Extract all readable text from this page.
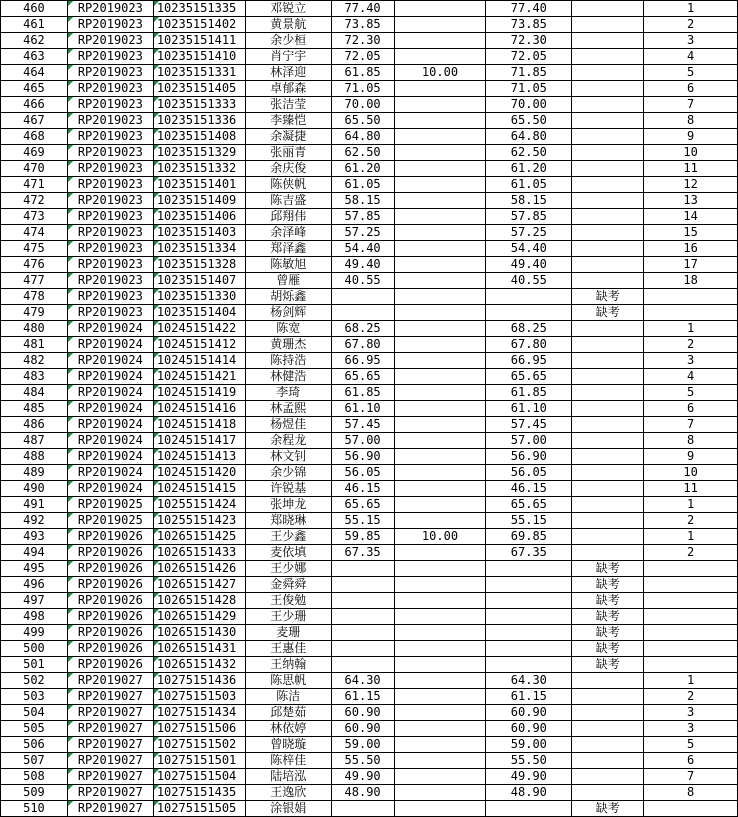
460	RP2019023	10235151335	邓锐立	77.40		77.40		1
461	RP2019023	10235151402	黄景航	73.85		73.85		2
462	RP2019023	10235151411	余少桓	72.30		72.30		3
463	RP2019023	10235151410	肖宁宇	72.05		72.05		4
464	RP2019023	10235151331	林泽迎	61.85	10.00	71.85		5
465	RP2019023	10235151405	卓郁森	71.05		71.05		6
466	RP2019023	10235151333	张洁莹	70.00		70.00		7
467	RP2019023	10235151336	李臻恺	65.50		65.50		8
468	RP2019023	10235151408	余凝捷	64.80		64.80		9
469	RP2019023	10235151329	张丽青	62.50		62.50		10
470	RP2019023	10235151332	余庆俊	61.20		61.20		11
471	RP2019023	10235151401	陈侠帆	61.05		61.05		12
472	RP2019023	10235151409	陈吉盛	58.15		58.15		13
473	RP2019023	10235151406	邱翔伟	57.85		57.85		14
474	RP2019023	10235151403	余泽峰	57.25		57.25		15
475	RP2019023	10235151334	郑泽鑫	54.40		54.40		16
476	RP2019023	10235151328	陈敏旭	49.40		49.40		17
477	RP2019023	10235151407	曾雁	40.55		40.55		18
478	RP2019023	10235151330	胡烁鑫				缺考	
479	RP2019023	10235151404	杨剑辉				缺考	
480	RP2019024	10245151422	陈宽	68.25		68.25		1
481	RP2019024	10245151412	黄珊杰	67.80		67.80		2
482	RP2019024	10245151414	陈持浩	66.95		66.95		3
483	RP2019024	10245151421	林健浩	65.65		65.65		4
484	RP2019024	10245151419	李琦	61.85		61.85		5
485	RP2019024	10245151416	林孟熙	61.10		61.10		6
486	RP2019024	10245151418	杨煜佳	57.45		57.45		7
487	RP2019024	10245151417	余程龙	57.00		57.00		8
488	RP2019024	10245151413	林文钊	56.90		56.90		9
489	RP2019024	10245151420	余少锦	56.05		56.05		10
490	RP2019024	10245151415	许锐基	46.15		46.15		11
491	RP2019025	10255151424	张坤龙	65.65		65.65		1
492	RP2019025	10255151423	郑晓琳	55.15		55.15		2
493	RP2019026	10265151425	王少鑫	59.85	10.00	69.85		1
494	RP2019026	10265151433	麦依填	67.35		67.35		2
495	RP2019026	10265151426	王少娜				缺考	
496	RP2019026	10265151427	金舜舜				缺考	
497	RP2019026	10265151428	王俊勉				缺考	
498	RP2019026	10265151429	王少珊				缺考	
499	RP2019026	10265151430	麦珊				缺考	
500	RP2019026	10265151431	王惠佳				缺考	
501	RP2019026	10265151432	王纳翰				缺考	
502	RP2019027	10275151436	陈思帆	64.30		64.30		1
503	RP2019027	10275151503	陈洁	61.15		61.15		2
504	RP2019027	10275151434	邱楚茹	60.90		60.90		3
505	RP2019027	10275151506	林依婷	60.90		60.90		3
506	RP2019027	10275151502	曾晓璇	59.00		59.00		5
507	RP2019027	10275151501	陈梓佳	55.50		55.50		6
508	RP2019027	10275151504	陆培泓	49.90		49.90		7
509	RP2019027	10275151435	王逸欣	48.90		48.90		8
510	RP2019027	10275151505	涂银娟				缺考	
